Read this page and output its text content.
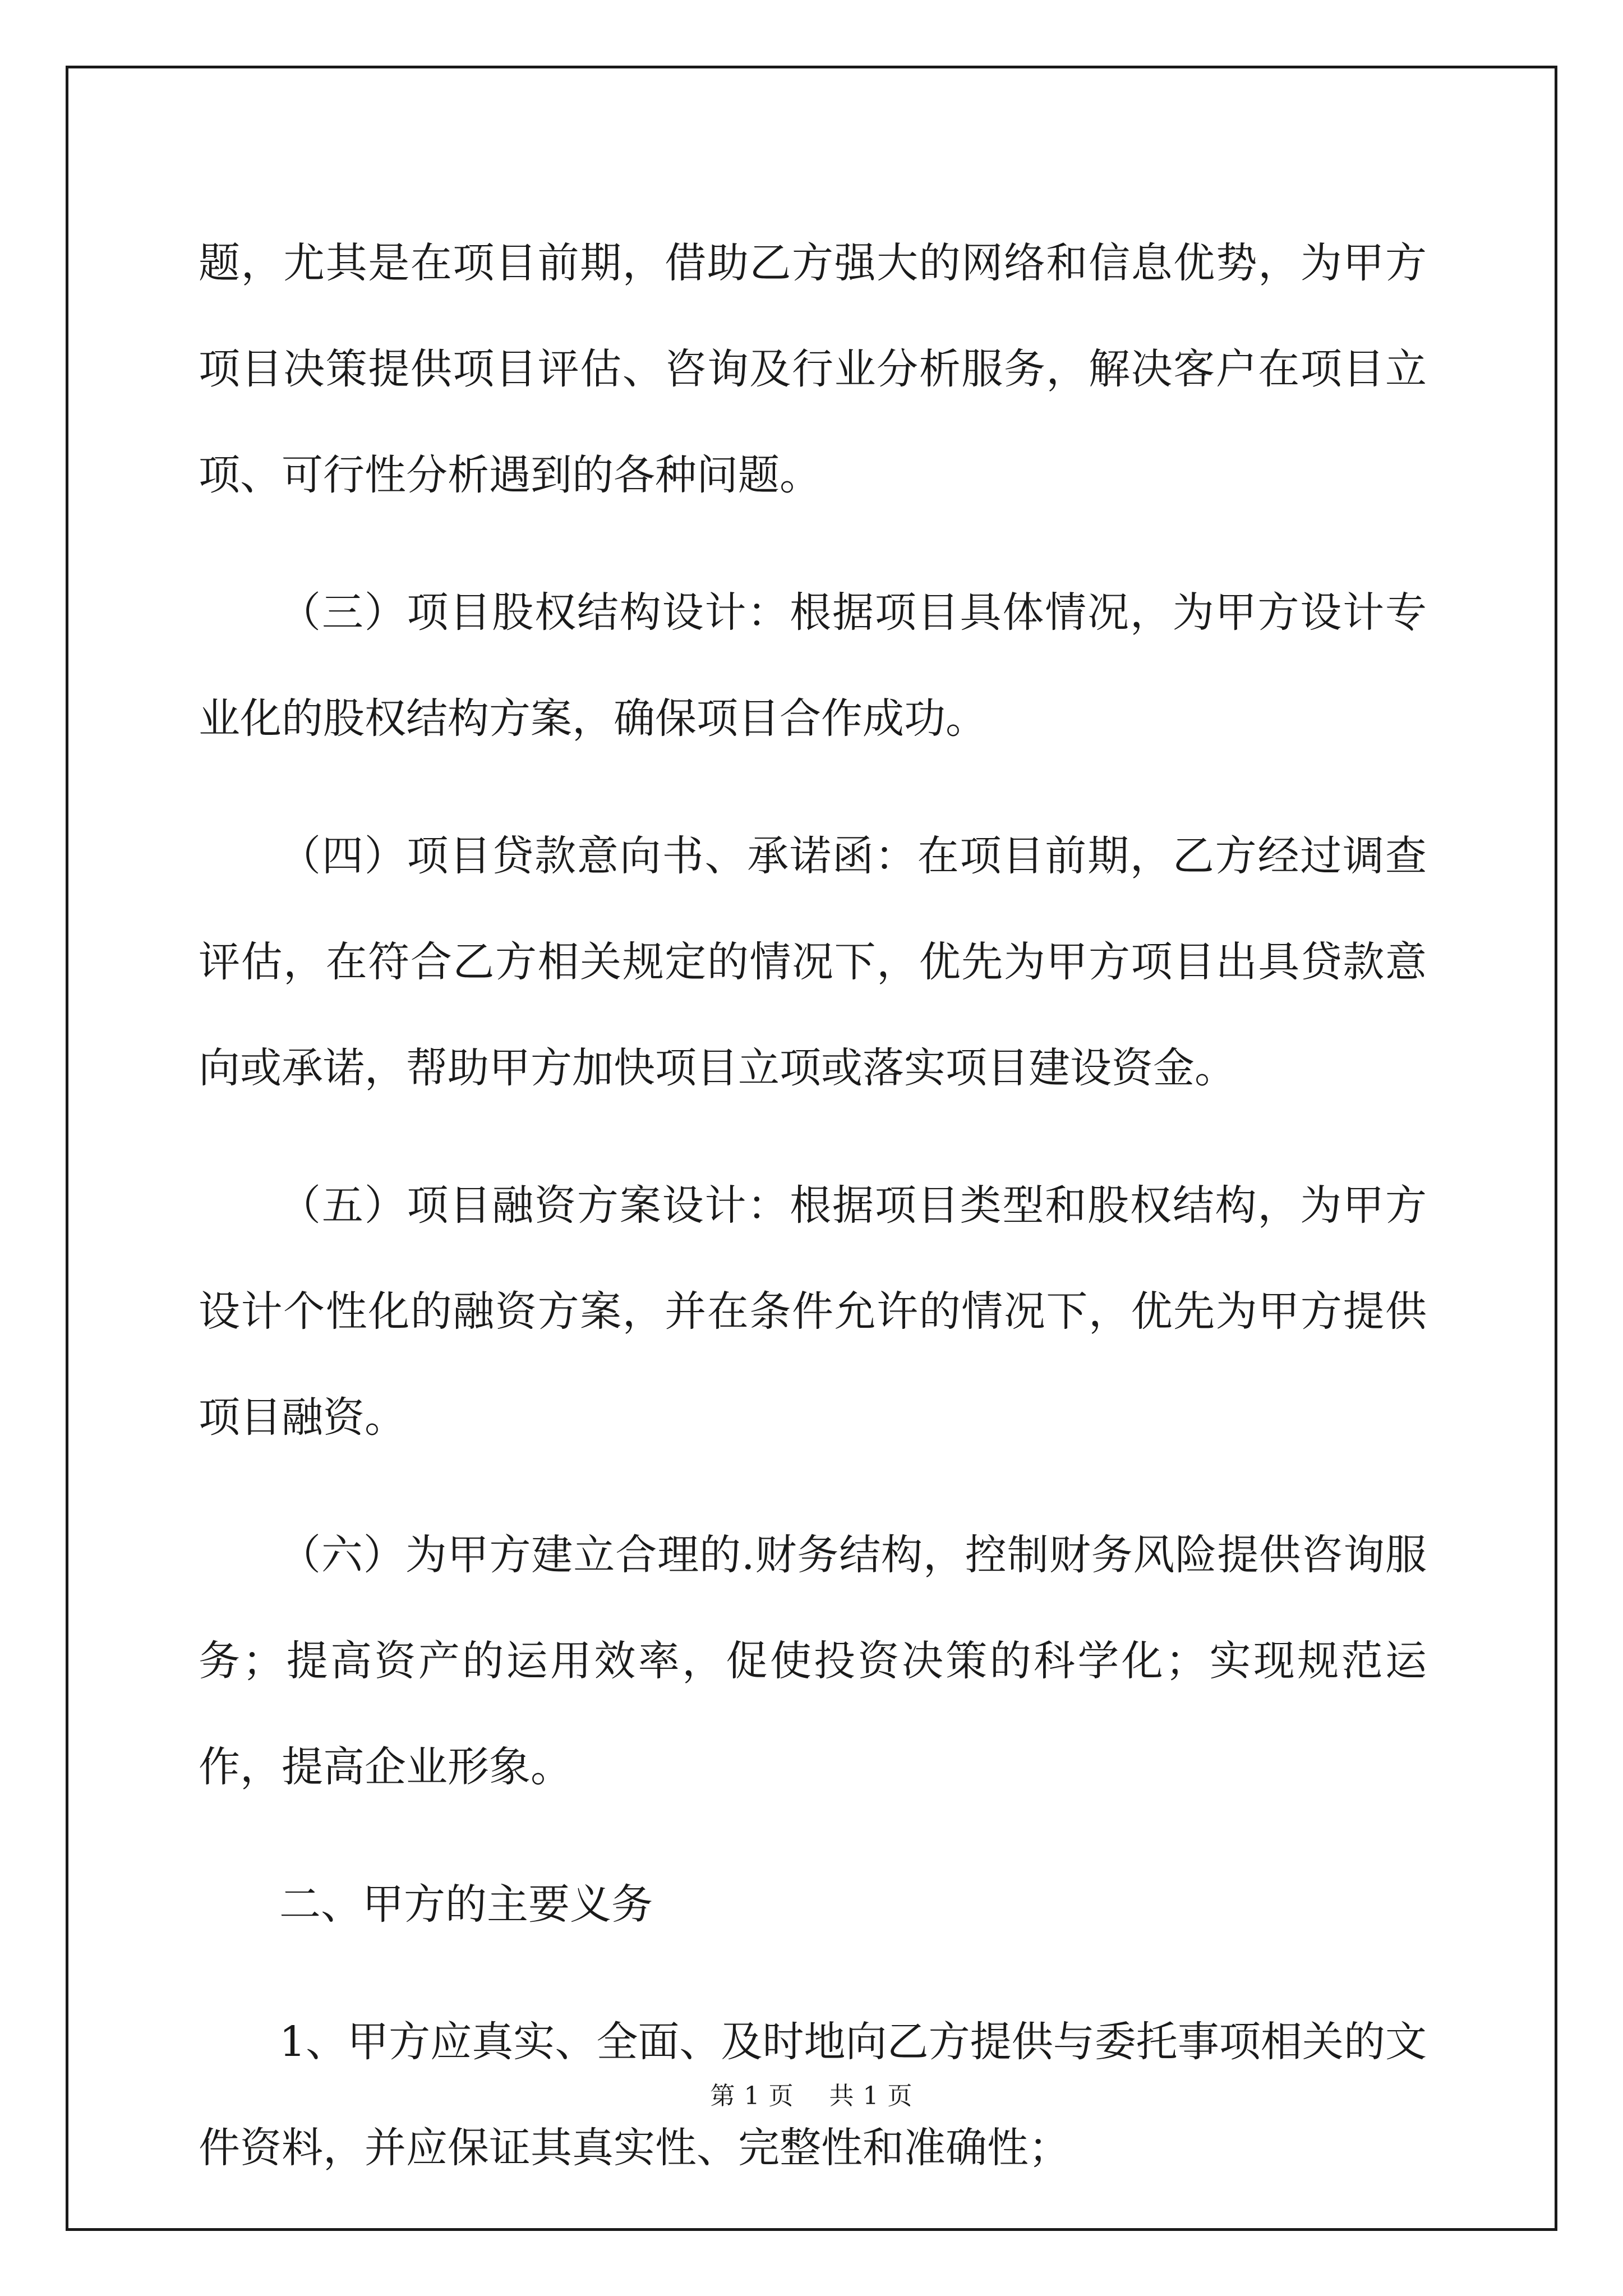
题，尤其是在项目前期，借助乙方强大的网络和信息优势，为甲方项目决策提供项目评估、咨询及行业分析服务，解决客户在项目立项、可行性分析遇到的各种问题。

（三）项目股权结构设计：根据项目具体情况，为甲方设计专业化的股权结构方案，确保项目合作成功。

（四）项目贷款意向书、承诺函：在项目前期，乙方经过调查评估，在符合乙方相关规定的情况下，优先为甲方项目出具贷款意向或承诺，帮助甲方加快项目立项或落实项目建设资金。

（五）项目融资方案设计：根据项目类型和股权结构，为甲方设计个性化的融资方案，并在条件允许的情况下，优先为甲方提供项目融资。

（六）为甲方建立合理的.财务结构，控制财务风险提供咨询服务；提高资产的运用效率，促使投资决策的科学化；实现规范运作，提高企业形象。

二、甲方的主要义务

1、甲方应真实、全面、及时地向乙方提供与委托事项相关的文件资料，并应保证其真实性、完整性和准确性；

第 1 页 共 1 页
